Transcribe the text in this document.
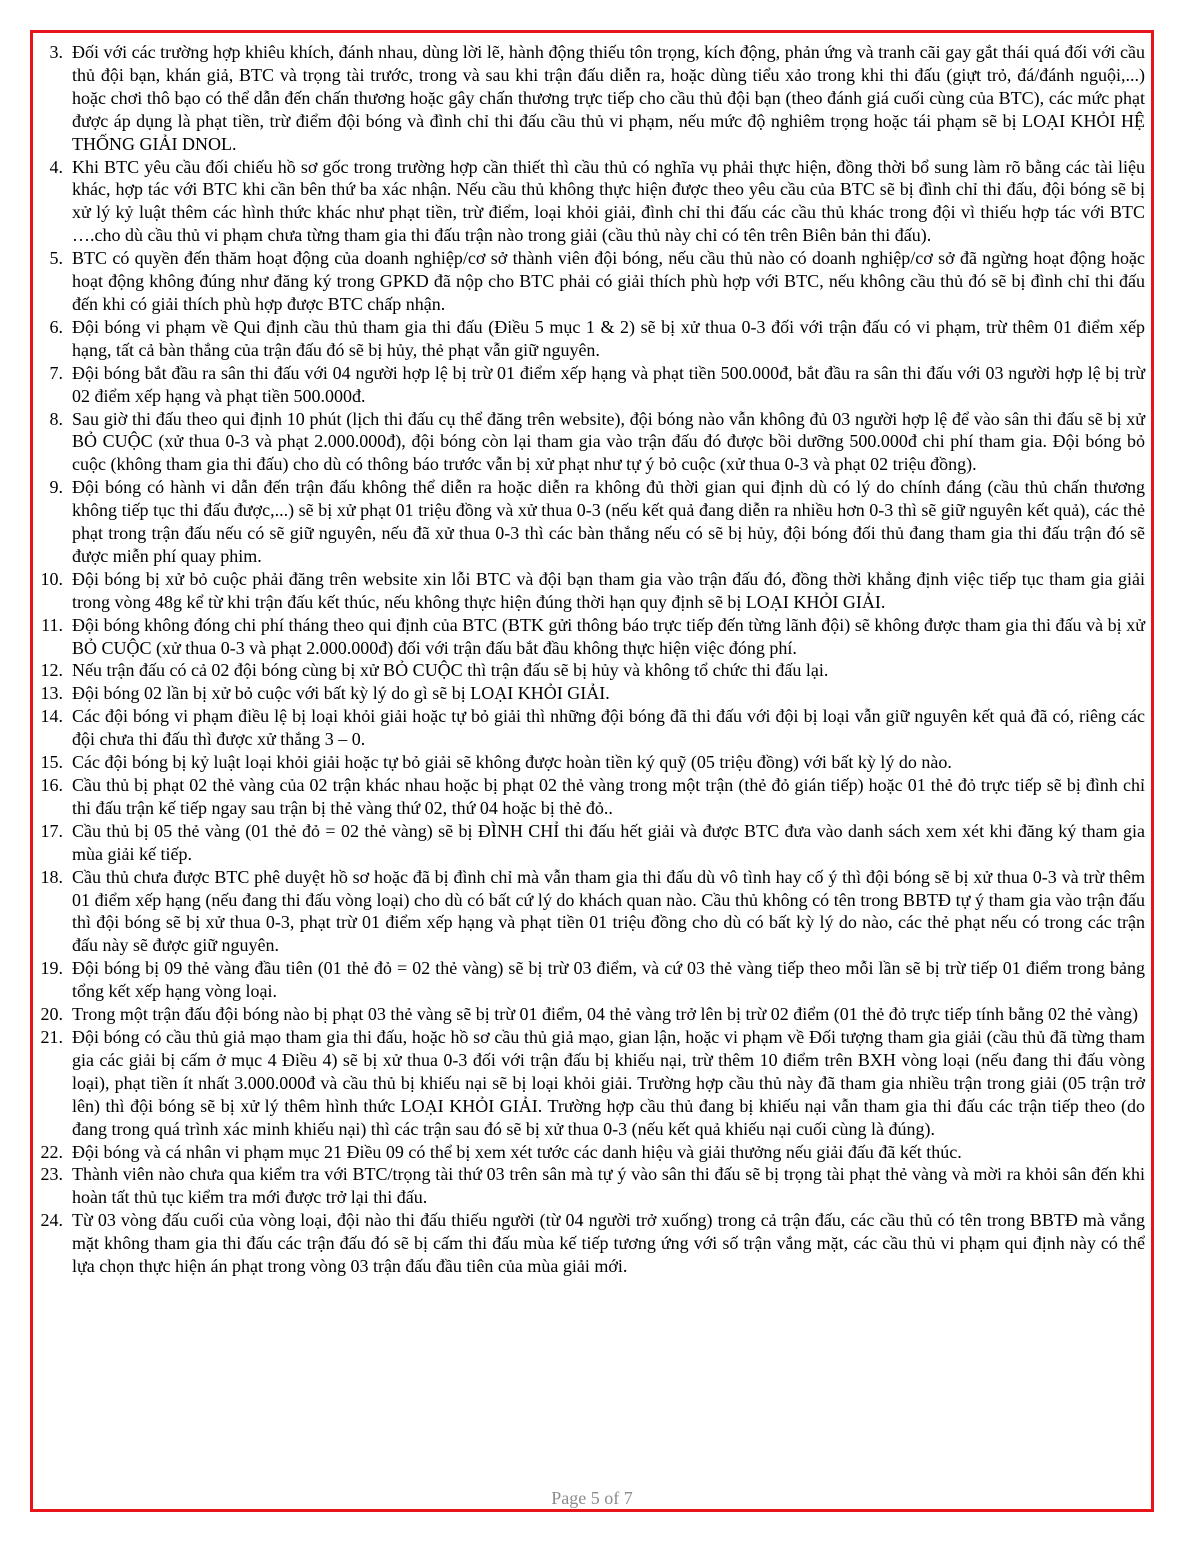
3. Đối với các trường hợp khiêu khích, đánh nhau, dùng lời lẽ, hành động thiếu tôn trọng, kích động, phản ứng và tranh cãi gay gắt thái quá đối với cầu thủ đội bạn, khán giả, BTC và trọng tài trước, trong và sau khi trận đấu diễn ra, hoặc dùng tiểu xảo trong khi thi đấu (giựt trỏ, đá/đánh nguội,...) hoặc chơi thô bạo có thể dẫn đến chấn thương hoặc gây chấn thương trực tiếp cho cầu thủ đội bạn (theo đánh giá cuối cùng của BTC), các mức phạt được áp dụng là phạt tiền, trừ điểm đội bóng và đình chỉ thi đấu cầu thủ vi phạm, nếu mức độ nghiêm trọng hoặc tái phạm sẽ bị LOẠI KHỎI HỆ THỐNG GIẢI DNOL.
4. Khi BTC yêu cầu đối chiếu hồ sơ gốc trong trường hợp cần thiết thì cầu thủ có nghĩa vụ phải thực hiện, đồng thời bổ sung làm rõ bằng các tài liệu khác, hợp tác với BTC khi cần bên thứ ba xác nhận. Nếu cầu thủ không thực hiện được theo yêu cầu của BTC sẽ bị đình chỉ thi đấu, đội bóng sẽ bị xử lý kỷ luật thêm các hình thức khác như phạt tiền, trừ điểm, loại khỏi giải, đình chỉ thi đấu các cầu thủ khác trong đội vì thiếu hợp tác với BTC ….cho dù cầu thủ vi phạm chưa từng tham gia thi đấu trận nào trong giải (cầu thủ này chỉ có tên trên Biên bản thi đấu).
5. BTC có quyền đến thăm hoạt động của doanh nghiệp/cơ sở thành viên đội bóng, nếu cầu thủ nào có doanh nghiệp/cơ sở đã ngừng hoạt động hoặc hoạt động không đúng như đăng ký trong GPKD đã nộp cho BTC phải có giải thích phù hợp với BTC, nếu không cầu thủ đó sẽ bị đình chỉ thi đấu đến khi có giải thích phù hợp được BTC chấp nhận.
6. Đội bóng vi phạm về Qui định cầu thủ tham gia thi đấu (Điều 5 mục 1 & 2) sẽ bị xử thua 0-3 đối với trận đấu có vi phạm, trừ thêm 01 điểm xếp hạng, tất cả bàn thắng của trận đấu đó sẽ bị hủy, thẻ phạt vẫn giữ nguyên.
7. Đội bóng bắt đầu ra sân thi đấu với 04 người hợp lệ bị trừ 01 điểm xếp hạng và phạt tiền 500.000đ, bắt đầu ra sân thi đấu với 03 người hợp lệ bị trừ 02 điểm xếp hạng và phạt tiền 500.000đ.
8. Sau giờ thi đấu theo qui định 10 phút (lịch thi đấu cụ thể đăng trên website), đội bóng nào vẫn không đủ 03 người hợp lệ để vào sân thi đấu sẽ bị xử BỎ CUỘC (xử thua 0-3 và phạt 2.000.000đ), đội bóng còn lại tham gia vào trận đấu đó được bồi dưỡng 500.000đ chi phí tham gia. Đội bóng bỏ cuộc (không tham gia thi đấu) cho dù có thông báo trước vẫn bị xử phạt như tự ý bỏ cuộc (xử thua 0-3 và phạt 02 triệu đồng).
9. Đội bóng có hành vi dẫn đến trận đấu không thể diễn ra hoặc diễn ra không đủ thời gian qui định dù có lý do chính đáng (cầu thủ chấn thương không tiếp tục thi đấu được,...) sẽ bị xử phạt 01 triệu đồng và xử thua 0-3 (nếu kết quả đang diễn ra nhiều hơn 0-3 thì sẽ giữ nguyên kết quả), các thẻ phạt trong trận đấu nếu có sẽ giữ nguyên, nếu đã xử thua 0-3 thì các bàn thắng nếu có sẽ bị hủy, đội bóng đối thủ đang tham gia thi đấu trận đó sẽ được miễn phí quay phim.
10. Đội bóng bị xử bỏ cuộc phải đăng trên website xin lỗi BTC và đội bạn tham gia vào trận đấu đó, đồng thời khẳng định việc tiếp tục tham gia giải trong vòng 48g kể từ khi trận đấu kết thúc, nếu không thực hiện đúng thời hạn quy định sẽ bị LOẠI KHỎI GIẢI.
11. Đội bóng không đóng chi phí tháng theo qui định của BTC (BTK gửi thông báo trực tiếp đến từng lãnh đội) sẽ không được tham gia thi đấu và bị xử BỎ CUỘC (xử thua 0-3 và phạt 2.000.000đ) đối với trận đấu bắt đầu không thực hiện việc đóng phí.
12. Nếu trận đấu có cả 02 đội bóng cùng bị xử BỎ CUỘC thì trận đấu sẽ bị hủy và không tổ chức thi đấu lại.
13. Đội bóng 02 lần bị xử bỏ cuộc với bất kỳ lý do gì sẽ bị LOẠI KHỎI GIẢI.
14. Các đội bóng vi phạm điều lệ bị loại khỏi giải hoặc tự bỏ giải thì những đội bóng đã thi đấu với đội bị loại vẫn giữ nguyên kết quả đã có, riêng các đội chưa thi đấu thì được xử thắng 3 – 0.
15. Các đội bóng bị kỷ luật loại khỏi giải hoặc tự bỏ giải sẽ không được hoàn tiền ký quỹ (05 triệu đồng) với bất kỳ lý do nào.
16. Cầu thủ bị phạt 02 thẻ vàng của 02 trận khác nhau hoặc bị phạt 02 thẻ vàng trong một trận (thẻ đỏ gián tiếp) hoặc 01 thẻ đỏ trực tiếp sẽ bị đình chỉ thi đấu trận kế tiếp ngay sau trận bị thẻ vàng thứ 02, thứ 04 hoặc bị thẻ đỏ..
17. Cầu thủ bị 05 thẻ vàng (01 thẻ đỏ = 02 thẻ vàng) sẽ bị ĐÌNH CHỈ thi đấu hết giải và được BTC đưa vào danh sách xem xét khi đăng ký tham gia mùa giải kế tiếp.
18. Cầu thủ chưa được BTC phê duyệt hồ sơ hoặc đã bị đình chỉ mà vẫn tham gia thi đấu dù vô tình hay cố ý thì đội bóng sẽ bị xử thua 0-3 và trừ thêm 01 điểm xếp hạng (nếu đang thi đấu vòng loại) cho dù có bất cứ lý do khách quan nào. Cầu thủ không có tên trong BBTĐ tự ý tham gia vào trận đấu thì đội bóng sẽ bị xử thua 0-3, phạt trừ 01 điểm xếp hạng và phạt tiền 01 triệu đồng cho dù có bất kỳ lý do nào, các thẻ phạt nếu có trong các trận đấu này sẽ được giữ nguyên.
19. Đội bóng bị 09 thẻ vàng đầu tiên (01 thẻ đỏ = 02 thẻ vàng) sẽ bị trừ 03 điểm, và cứ 03 thẻ vàng tiếp theo mỗi lần sẽ bị trừ tiếp 01 điểm trong bảng tổng kết xếp hạng vòng loại.
20. Trong một trận đấu đội bóng nào bị phạt 03 thẻ vàng sẽ bị trừ 01 điểm, 04 thẻ vàng trở lên bị trừ 02 điểm (01 thẻ đỏ trực tiếp tính bằng 02 thẻ vàng)
21. Đội bóng có cầu thủ giả mạo tham gia thi đấu, hoặc hồ sơ cầu thủ giả mạo, gian lận, hoặc vi phạm về Đối tượng tham gia giải (cầu thủ đã từng tham gia các giải bị cấm ở mục 4 Điều 4) sẽ bị xử thua 0-3 đối với trận đấu bị khiếu nại, trừ thêm 10 điểm trên BXH vòng loại (nếu đang thi đấu vòng loại), phạt tiền ít nhất 3.000.000đ và cầu thủ bị khiếu nại sẽ bị loại khỏi giải. Trường hợp cầu thủ này đã tham gia nhiều trận trong giải (05 trận trở lên) thì đội bóng sẽ bị xử lý thêm hình thức LOẠI KHỎI GIẢI. Trường hợp cầu thủ đang bị khiếu nại vẫn tham gia thi đấu các trận tiếp theo (do đang trong quá trình xác minh khiếu nại) thì các trận sau đó sẽ bị xử thua 0-3 (nếu kết quả khiếu nại cuối cùng là đúng).
22. Đội bóng và cá nhân vi phạm mục 21 Điều 09 có thể bị xem xét tước các danh hiệu và giải thưởng nếu giải đấu đã kết thúc.
23. Thành viên nào chưa qua kiểm tra với BTC/trọng tài thứ 03 trên sân mà tự ý vào sân thi đấu sẽ bị trọng tài phạt thẻ vàng và mời ra khỏi sân đến khi hoàn tất thủ tục kiểm tra mới được trở lại thi đấu.
24. Từ 03 vòng đấu cuối của vòng loại, đội nào thi đấu thiếu người (từ 04 người trở xuống) trong cả trận đấu, các cầu thủ có tên trong BBTĐ mà vắng mặt không tham gia thi đấu các trận đấu đó sẽ bị cấm thi đấu mùa kế tiếp tương ứng với số trận vắng mặt, các cầu thủ vi phạm qui định này có thể lựa chọn thực hiện án phạt trong vòng 03 trận đấu đầu tiên của mùa giải mới.
Page 5 of 7
